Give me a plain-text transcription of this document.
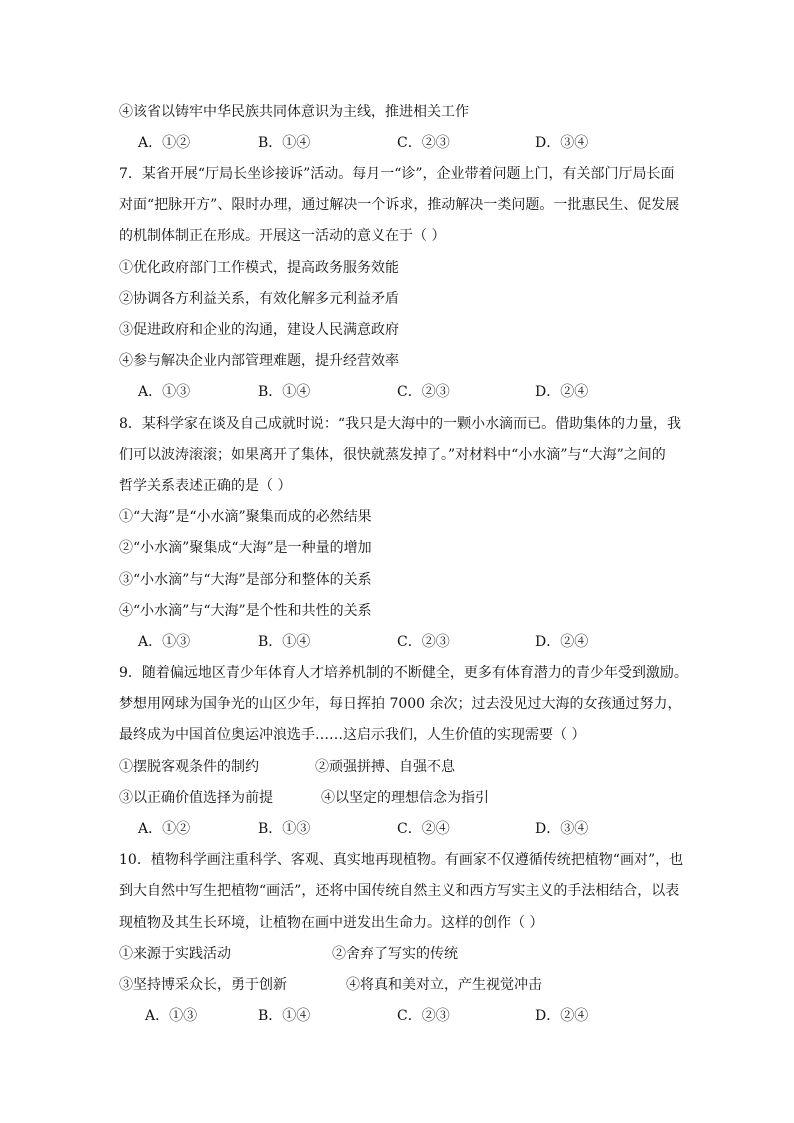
④该省以铸牢中华民族共同体意识为主线，推进相关工作
A．①②	B．①④	C．②③	D．③④
7．某省开展“厅局长坐诊接诉”活动。每月一“诊”，企业带着问题上门，有关部门厅局长面
对面“把脉开方”、限时办理，通过解决一个诉求，推动解决一类问题。一批惠民生、促发展
的机制体制正在形成。开展这一活动的意义在于（ ）
①优化政府部门工作模式，提高政务服务效能
②协调各方利益关系，有效化解多元利益矛盾
③促进政府和企业的沟通，建设人民满意政府
④参与解决企业内部管理难题，提升经营效率
A．①③	B．①④	C．②③	D．②④
8．某科学家在谈及自己成就时说：“我只是大海中的一颗小水滴而已。借助集体的力量，我
们可以波涛滚滚；如果离开了集体，很快就蒸发掉了。”对材料中“小水滴”与“大海”之间的
哲学关系表述正确的是（ ）
①“大海”是“小水滴”聚集而成的必然结果
②“小水滴”聚集成“大海”是一种量的增加
③“小水滴”与“大海”是部分和整体的关系
④“小水滴”与“大海”是个性和共性的关系
A．①③	B．①④	C．②③	D．②④
9．随着偏远地区青少年体育人才培养机制的不断健全，更多有体育潜力的青少年受到激励。
梦想用网球为国争光的山区少年，每日挥拍 7000 余次；过去没见过大海的女孩通过努力，
最终成为中国首位奥运冲浪选手……这启示我们，人生价值的实现需要（ ）
①摆脱客观条件的制约	②顽强拼搏、自强不息
③以正确价值选择为前提	④以坚定的理想信念为指引
A．①②	B．①③	C．②④	D．③④
10．植物科学画注重科学、客观、真实地再现植物。有画家不仅遵循传统把植物“画对”，也
到大自然中写生把植物“画活”，还将中国传统自然主义和西方写实主义的手法相结合，以表
现植物及其生长环境，让植物在画中迸发出生命力。这样的创作（ ）
①来源于实践活动	②舍弃了写实的传统
③坚持博采众长，勇于创新	④将真和美对立，产生视觉冲击
A．①③	B．①④	C．②③	D．②④
